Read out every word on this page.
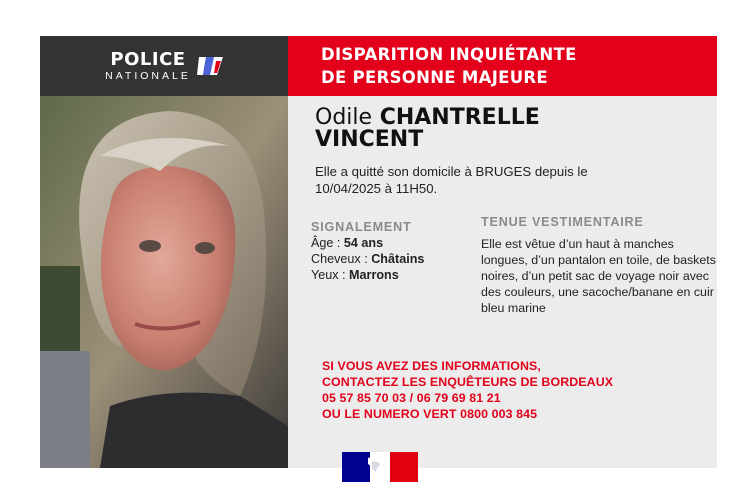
POLICE
NATIONALE
DISPARITION INQUIÉTANTE
DE PERSONNE MAJEURE
Odile CHANTRELLE
VINCENT
Elle a quitté son domicile à BRUGES depuis le 10/04/2025 à 11H50.
SIGNALEMENT
Âge : 54 ans
Cheveux : Châtains
Yeux : Marrons
TENUE VESTIMENTAIRE
Elle est vêtue d’un haut à manches longues, d’un pantalon en toile, de baskets noires, d’un petit sac de voyage noir avec des couleurs, une sacoche/banane en cuir bleu marine
SI VOUS AVEZ DES INFORMATIONS,
CONTACTEZ LES ENQUÊTEURS DE BORDEAUX
05 57 85 70 03 / 06 79 69 81 21
OU LE NUMERO VERT 0800 003 845
